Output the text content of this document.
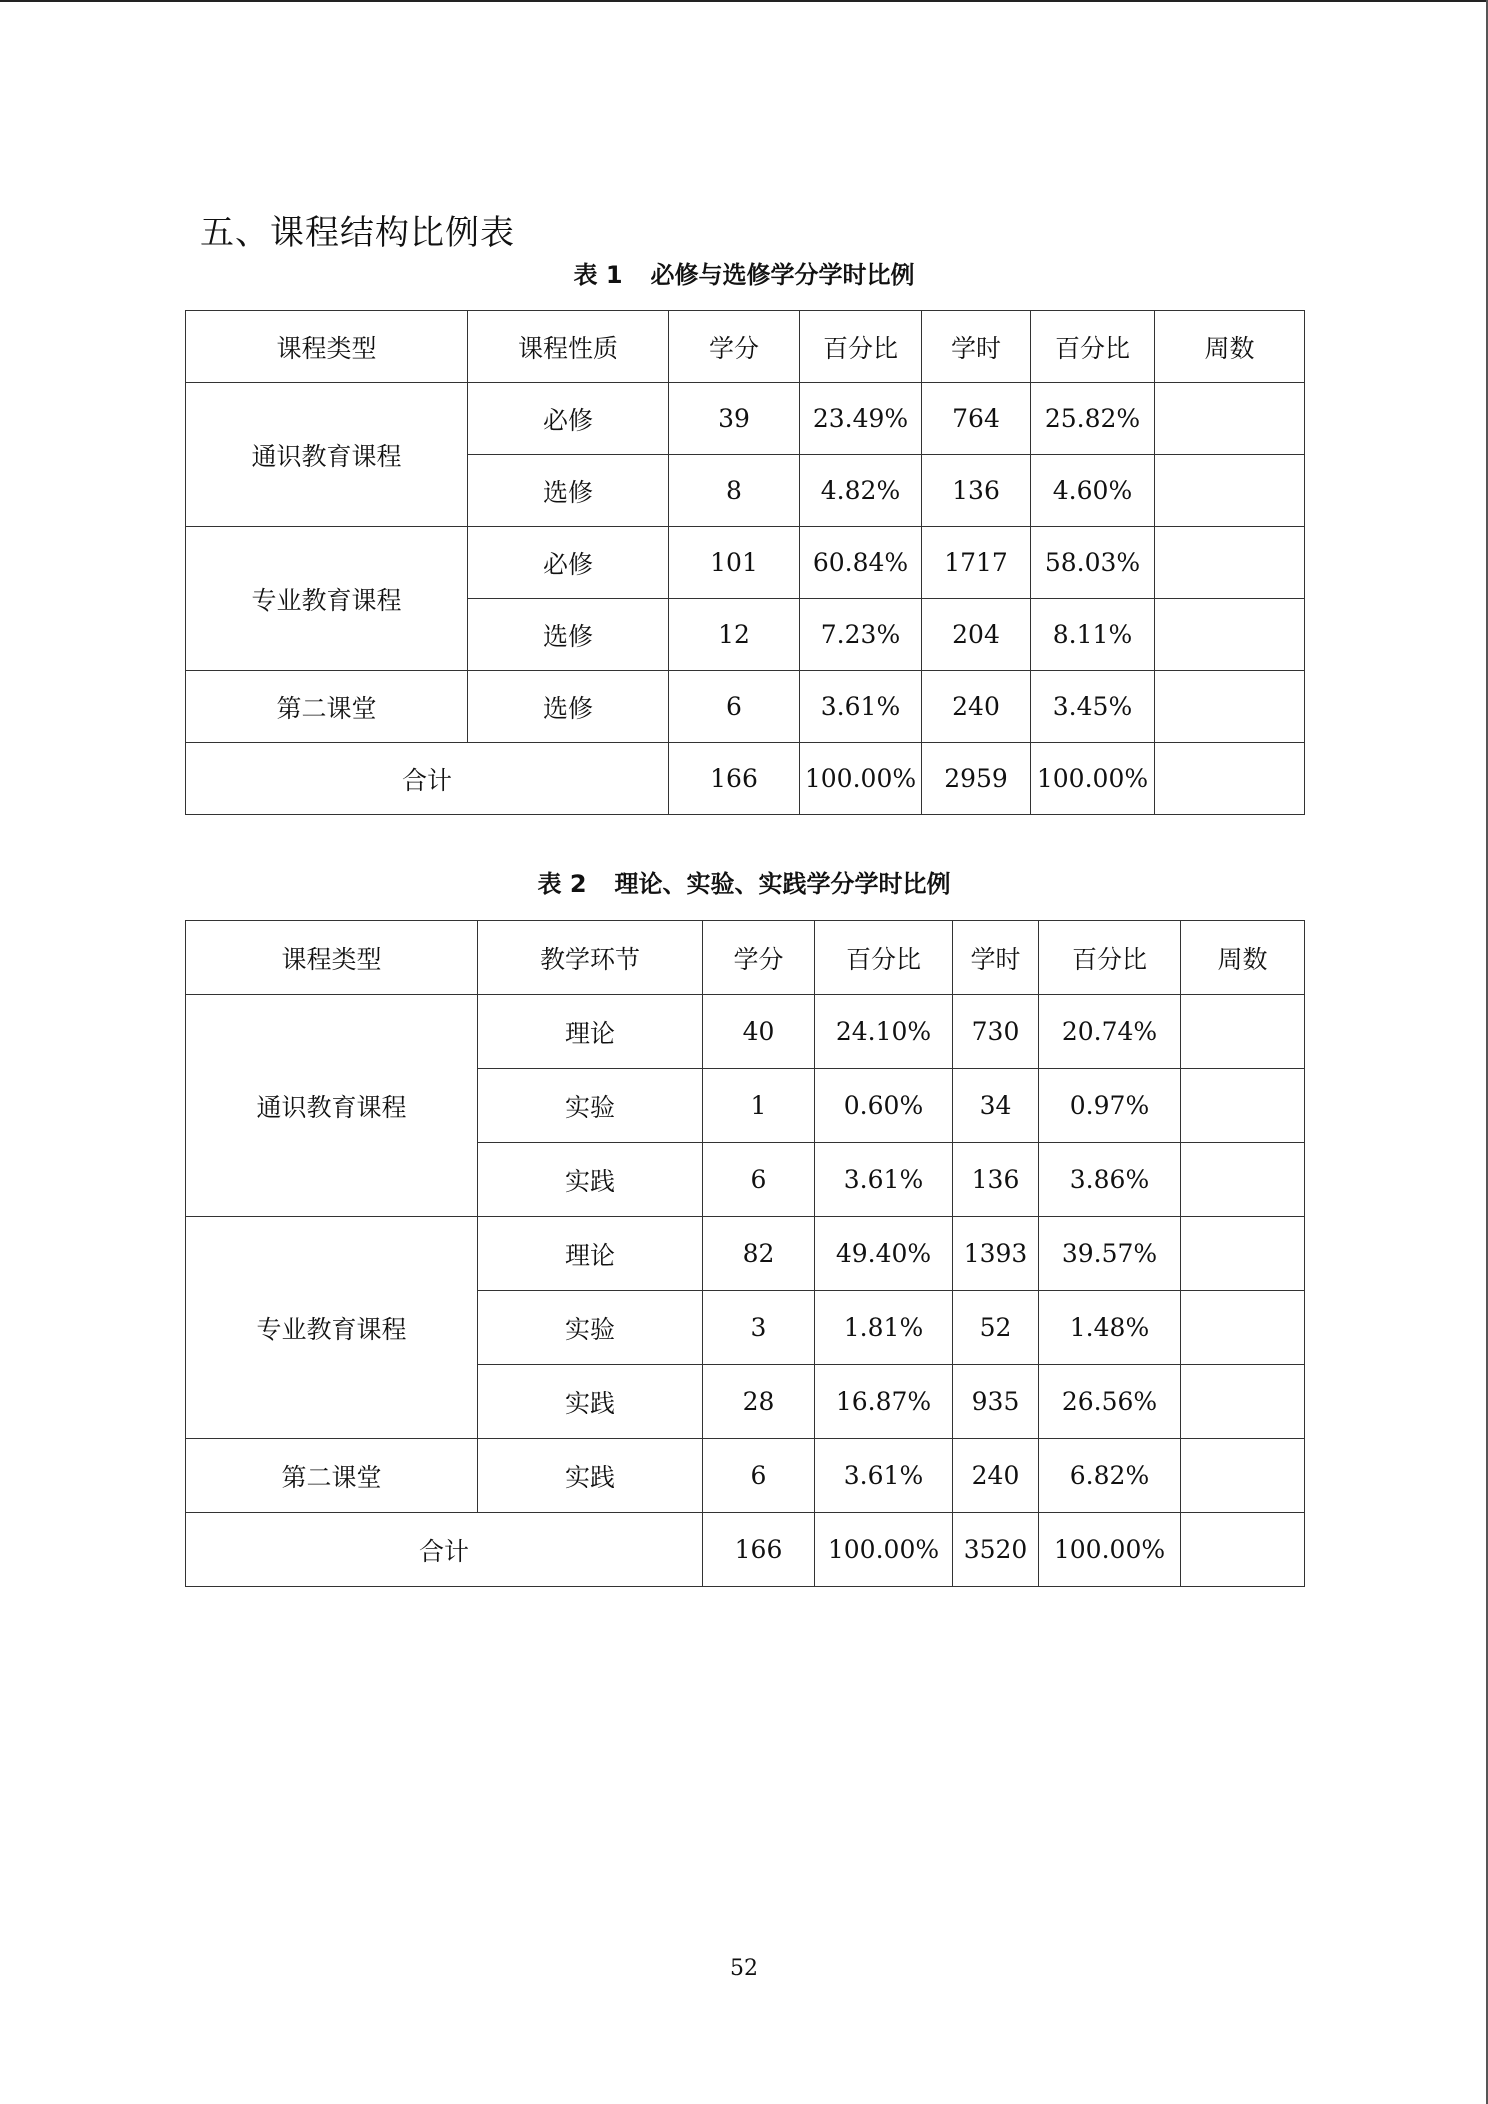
五、课程结构比例表

表 1 必修与选修学分学时比例

课程类型	课程性质	学分	百分比	学时	百分比	周数
通识教育课程	必修	39	23.49%	764	25.82%	
	选修	8	4.82%	136	4.60%	
专业教育课程	必修	101	60.84%	1717	58.03%	
	选修	12	7.23%	204	8.11%	
第二课堂	选修	6	3.61%	240	3.45%	
合计		166	100.00%	2959	100.00%	

表 2 理论、实验、实践学分学时比例

课程类型	教学环节	学分	百分比	学时	百分比	周数
通识教育课程	理论	40	24.10%	730	20.74%	
	实验	1	0.60%	34	0.97%	
	实践	6	3.61%	136	3.86%	
专业教育课程	理论	82	49.40%	1393	39.57%	
	实验	3	1.81%	52	1.48%	
	实践	28	16.87%	935	26.56%	
第二课堂	实践	6	3.61%	240	6.82%	
合计		166	100.00%	3520	100.00%	

52
